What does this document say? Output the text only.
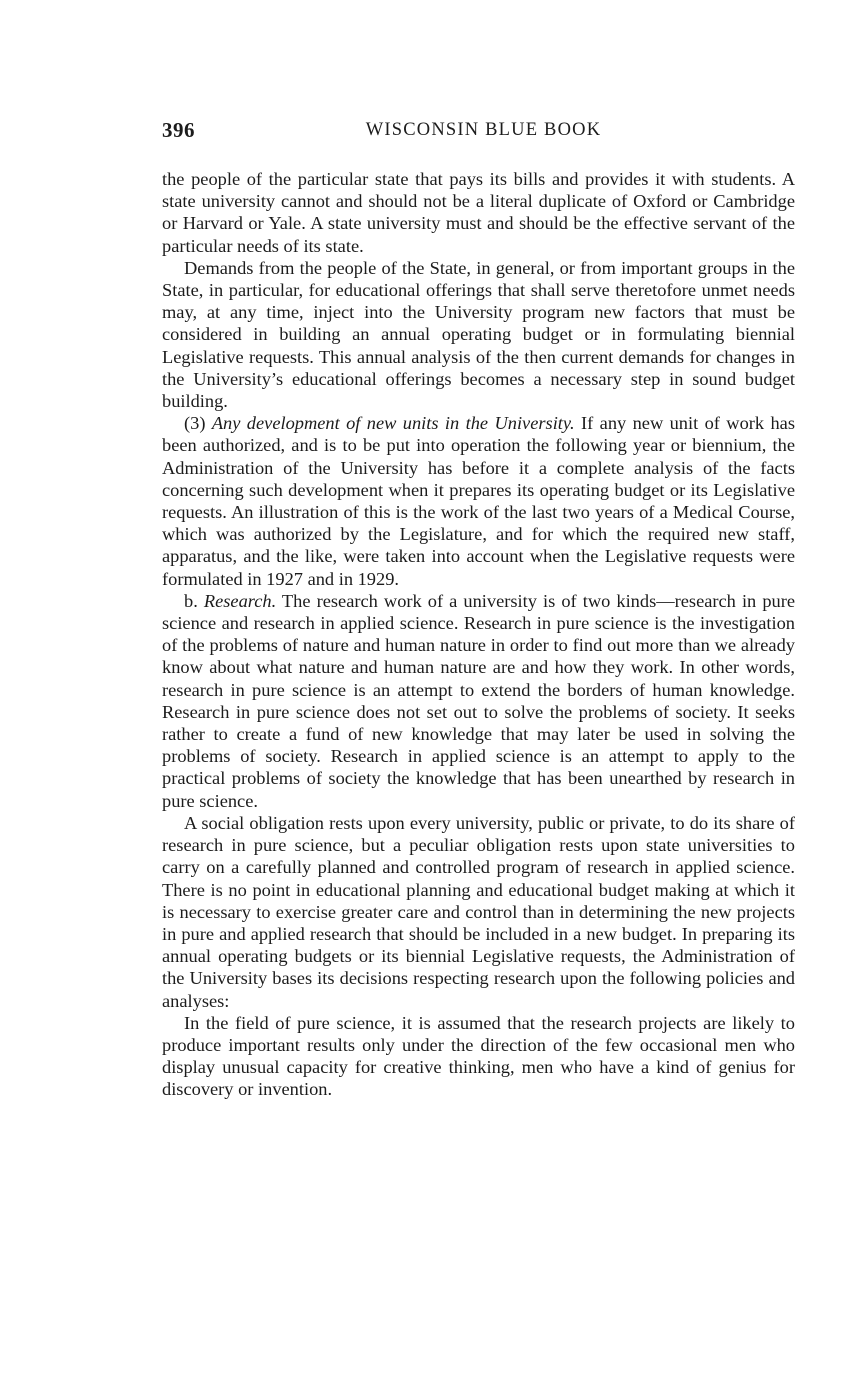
396	WISCONSIN BLUE BOOK

the people of the particular state that pays its bills and provides it with students. A state university cannot and should not be a literal duplicate of Oxford or Cambridge or Harvard or Yale. A state university must and should be the effective servant of the particular needs of its state.

Demands from the people of the State, in general, or from important groups in the State, in particular, for educational offerings that shall serve theretofore unmet needs may, at any time, inject into the University program new factors that must be considered in building an annual operating budget or in formulating biennial Legislative requests. This annual analysis of the then current demands for changes in the University’s educational offerings becomes a necessary step in sound budget building.

(3) Any development of new units in the University. If any new unit of work has been authorized, and is to be put into operation the following year or biennium, the Administration of the University has before it a complete analysis of the facts concerning such development when it prepares its operating budget or its Legislative requests. An illustration of this is the work of the last two years of a Medical Course, which was authorized by the Legislature, and for which the required new staff, apparatus, and the like, were taken into account when the Legislative requests were formulated in 1927 and in 1929.

b. Research. The research work of a university is of two kinds—research in pure science and research in applied science. Research in pure science is the investigation of the problems of nature and human nature in order to find out more than we already know about what nature and human nature are and how they work. In other words, research in pure science is an attempt to extend the borders of human knowledge. Research in pure science does not set out to solve the problems of society. It seeks rather to create a fund of new knowledge that may later be used in solving the problems of society. Research in applied science is an attempt to apply to the practical problems of society the knowledge that has been unearthed by research in pure science.

A social obligation rests upon every university, public or private, to do its share of research in pure science, but a peculiar obligation rests upon state universities to carry on a carefully planned and controlled program of research in applied science. There is no point in educational planning and educational budget making at which it is necessary to exercise greater care and control than in determining the new projects in pure and applied research that should be included in a new budget. In preparing its annual operating budgets or its biennial Legislative requests, the Administration of the University bases its decisions respecting research upon the following policies and analyses:

In the field of pure science, it is assumed that the research projects are likely to produce important results only under the direction of the few occasional men who display unusual capacity for creative thinking, men who have a kind of genius for discovery or invention.
